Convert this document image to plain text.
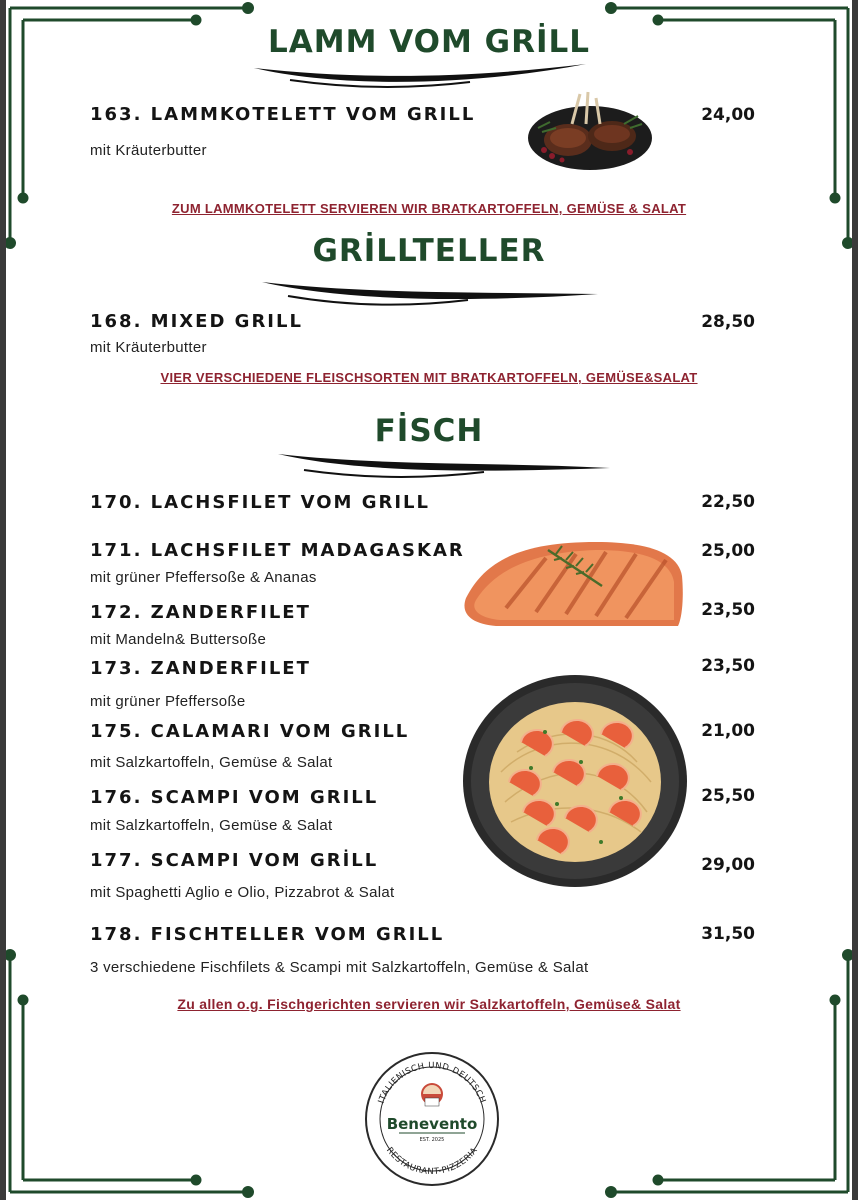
LAMM VOM GRİLL

163. LAMMKOTELETT VOM GRILL	24,00

mit Kräuterbutter

ZUM LAMMKOTELETT SERVIEREN WIR BRATKARTOFFELN, GEMÜSE & SALAT

GRİLLTELLER

168. MIXED GRILL	28,50

mit Kräuterbutter

VIER VERSCHIEDENE FLEISCHSORTEN MIT BRATKARTOFFELN, GEMÜSE&SALAT

FİSCH

170. LACHSFILET VOM GRILL	22,50

171. LACHSFILET MADAGASKAR	25,00

mit grüner Pfeffersoße & Ananas

172. ZANDERFILET	23,50

mit Mandeln& Buttersoße

173. ZANDERFILET	23,50

mit grüner Pfeffersoße

175. CALAMARI VOM GRILL	21,00

mit Salzkartoffeln, Gemüse & Salat

176. SCAMPI VOM GRILL	25,50

mit Salzkartoffeln, Gemüse & Salat

177. SCAMPI VOM GRİLL	29,00

mit Spaghetti Aglio e Olio, Pizzabrot & Salat

178. FISCHTELLER VOM GRILL	31,50

3 verschiedene Fischfilets & Scampi mit Salzkartoffeln, Gemüse & Salat

Zu allen o.g. Fischgerichten servieren wir Salzkartoffeln, Gemüse& Salat

ITALIENISCH UND DEUTSCH
RESTAURANT-PIZZERIA
Benevento
EST. 2025
